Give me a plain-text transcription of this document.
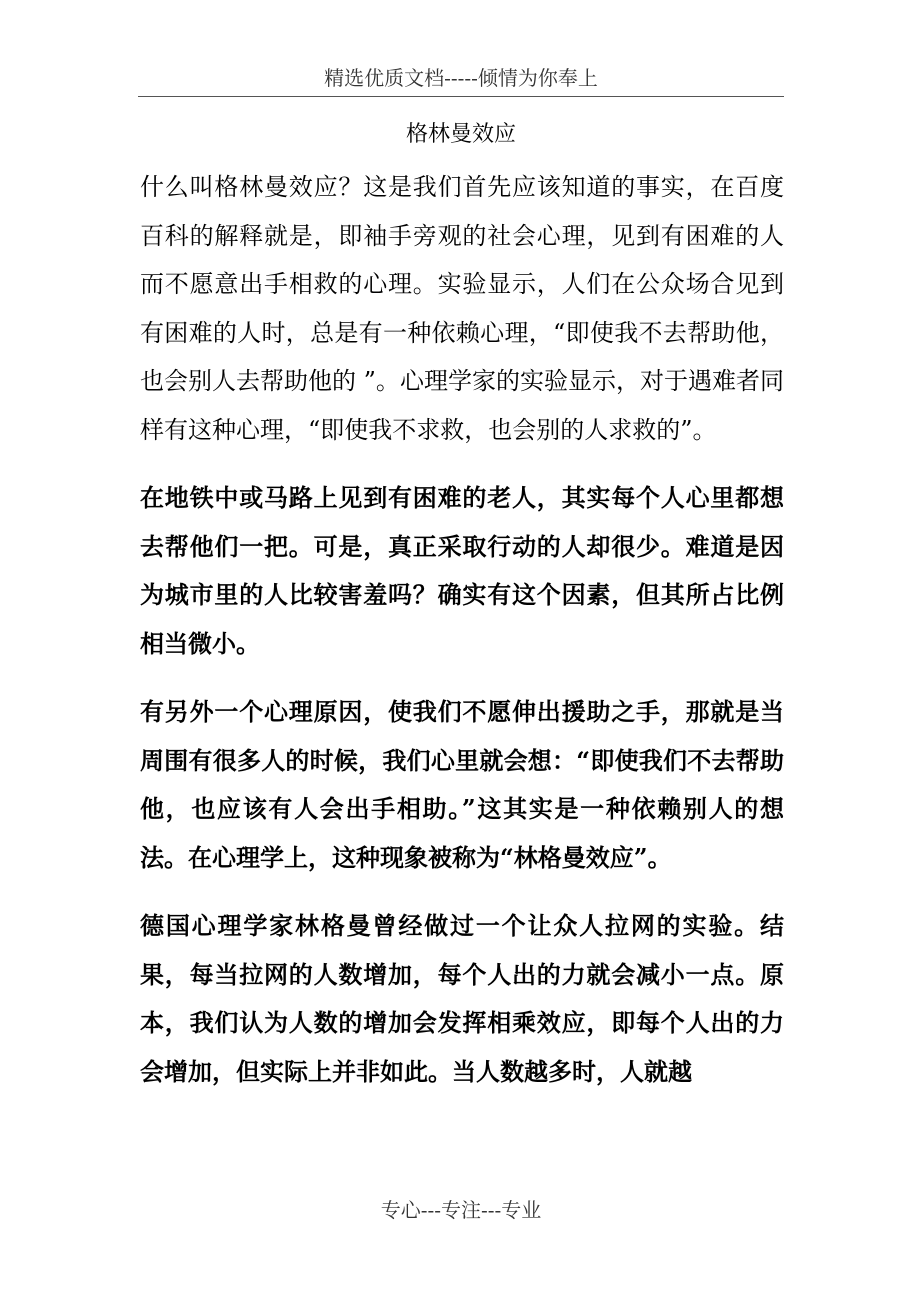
精选优质文档-----倾情为你奉上
格林曼效应

什么叫格林曼效应？这是我们首先应该知道的事实，在百度百科的解释就是，即袖手旁观的社会心理，见到有困难的人而不愿意出手相救的心理。实验显示，人们在公众场合见到有困难的人时，总是有一种依赖心理，“即使我不去帮助他，也会别人去帮助他的 ”。心理学家的实验显示，对于遇难者同样有这种心理，“即使我不求救，也会别的人求救的”。

在地铁中或马路上见到有困难的老人，其实每个人心里都想去帮他们一把。可是，真正采取行动的人却很少。难道是因为城市里的人比较害羞吗？确实有这个因素，但其所占比例相当微小。

有另外一个心理原因，使我们不愿伸出援助之手，那就是当周围有很多人的时候，我们心里就会想：“即使我们不去帮助他，也应该有人会出手相助。”这其实是一种依赖别人的想法。在心理学上，这种现象被称为“林格曼效应”。

德国心理学家林格曼曾经做过一个让众人拉网的实验。结果，每当拉网的人数增加，每个人出的力就会减小一点。原本，我们认为人数的增加会发挥相乘效应，即每个人出的力会增加，但实际上并非如此。当人数越多时，人就越

专心---专注---专业
